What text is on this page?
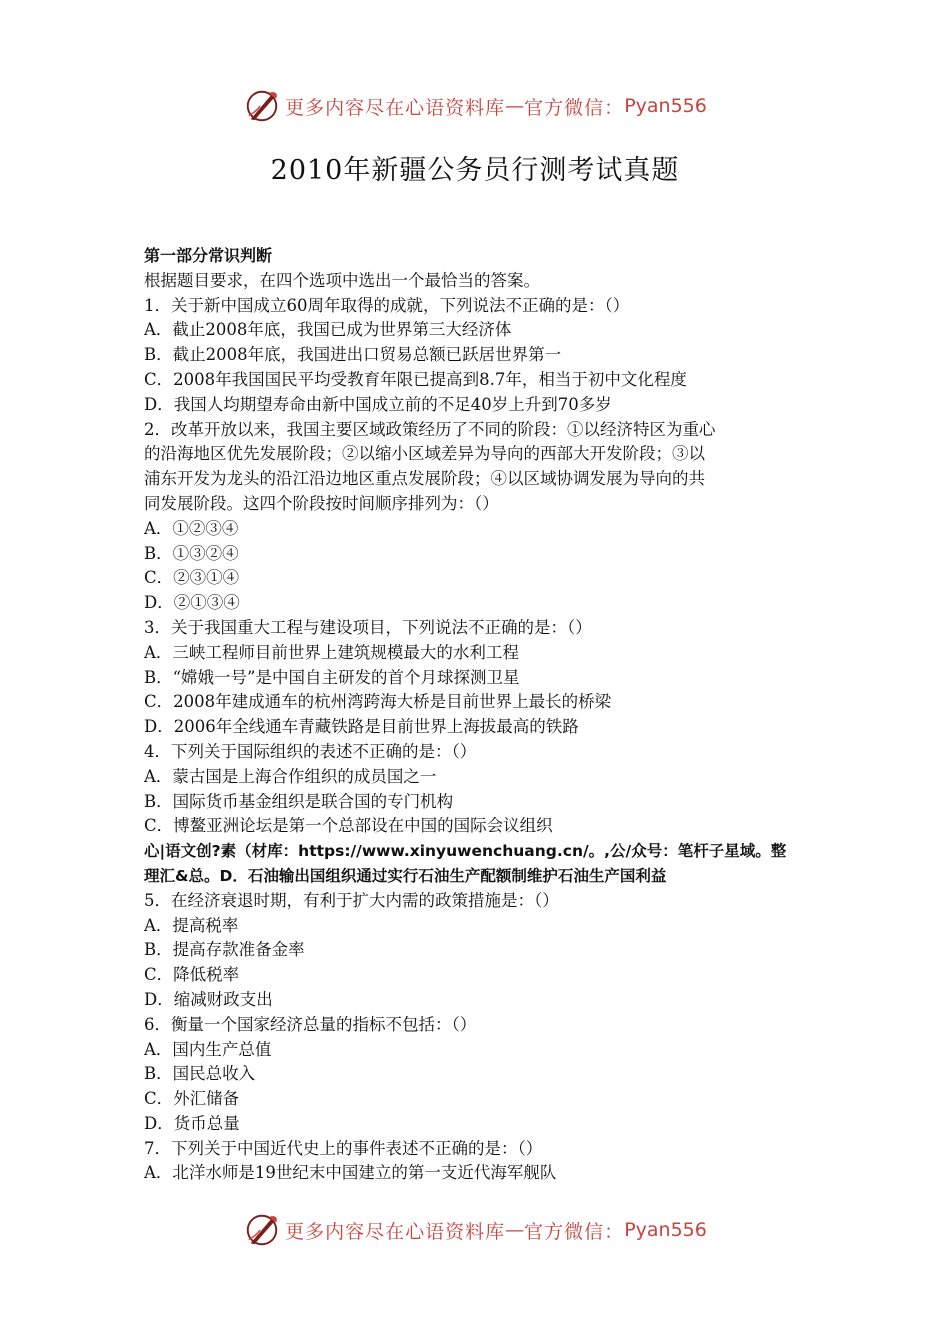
更多内容尽在心语资料库 — 官方微信： Pyan556
2010年新疆公务员行测考试真题
第一部分常识判断
根据题目要求，在四个选项中选出一个最恰当的答案。
1．关于新中国成立60周年取得的成就，下列说法不正确的是：（）
A．截止2008年底，我国已成为世界第三大经济体
B．截止2008年底，我国进出口贸易总额已跃居世界第一
C．2008年我国国民平均受教育年限已提高到8.7年，相当于初中文化程度
D．我国人均期望寿命由新中国成立前的不足40岁上升到70多岁
2．改革开放以来，我国主要区域政策经历了不同的阶段：①以经济特区为重心
的沿海地区优先发展阶段；②以缩小区域差异为导向的西部大开发阶段；③以
浦东开发为龙头的沿江沿边地区重点发展阶段；④以区域协调发展为导向的共
同发展阶段。这四个阶段按时间顺序排列为：（）
A．①②③④
B．①③②④
C．②③①④
D．②①③④
3．关于我国重大工程与建设项目，下列说法不正确的是：（）
A．三峡工程师目前世界上建筑规模最大的水利工程
B．“嫦娥一号”是中国自主研发的首个月球探测卫星
C．2008年建成通车的杭州湾跨海大桥是目前世界上最长的桥梁
D．2006年全线通车青藏铁路是目前世界上海拔最高的铁路
4．下列关于国际组织的表述不正确的是：（）
A．蒙古国是上海合作组织的成员国之一
B．国际货币基金组织是联合国的专门机构
C．博鳌亚洲论坛是第一个总部设在中国的国际会议组织
心|语文创?素（材库：https://www.xinyuwenchuang.cn/。,公/众号：笔杆子星域。整
理汇&总。D．石油输出国组织通过实行石油生产配额制维护石油生产国利益
5．在经济衰退时期，有利于扩大内需的政策措施是：（）
A．提高税率
B．提高存款准备金率
C．降低税率
D．缩减财政支出
6．衡量一个国家经济总量的指标不包括：（）
A．国内生产总值
B．国民总收入
C．外汇储备
D．货币总量
7．下列关于中国近代史上的事件表述不正确的是：（）
A．北洋水师是19世纪末中国建立的第一支近代海军舰队
更多内容尽在心语资料库 — 官方微信： Pyan556
